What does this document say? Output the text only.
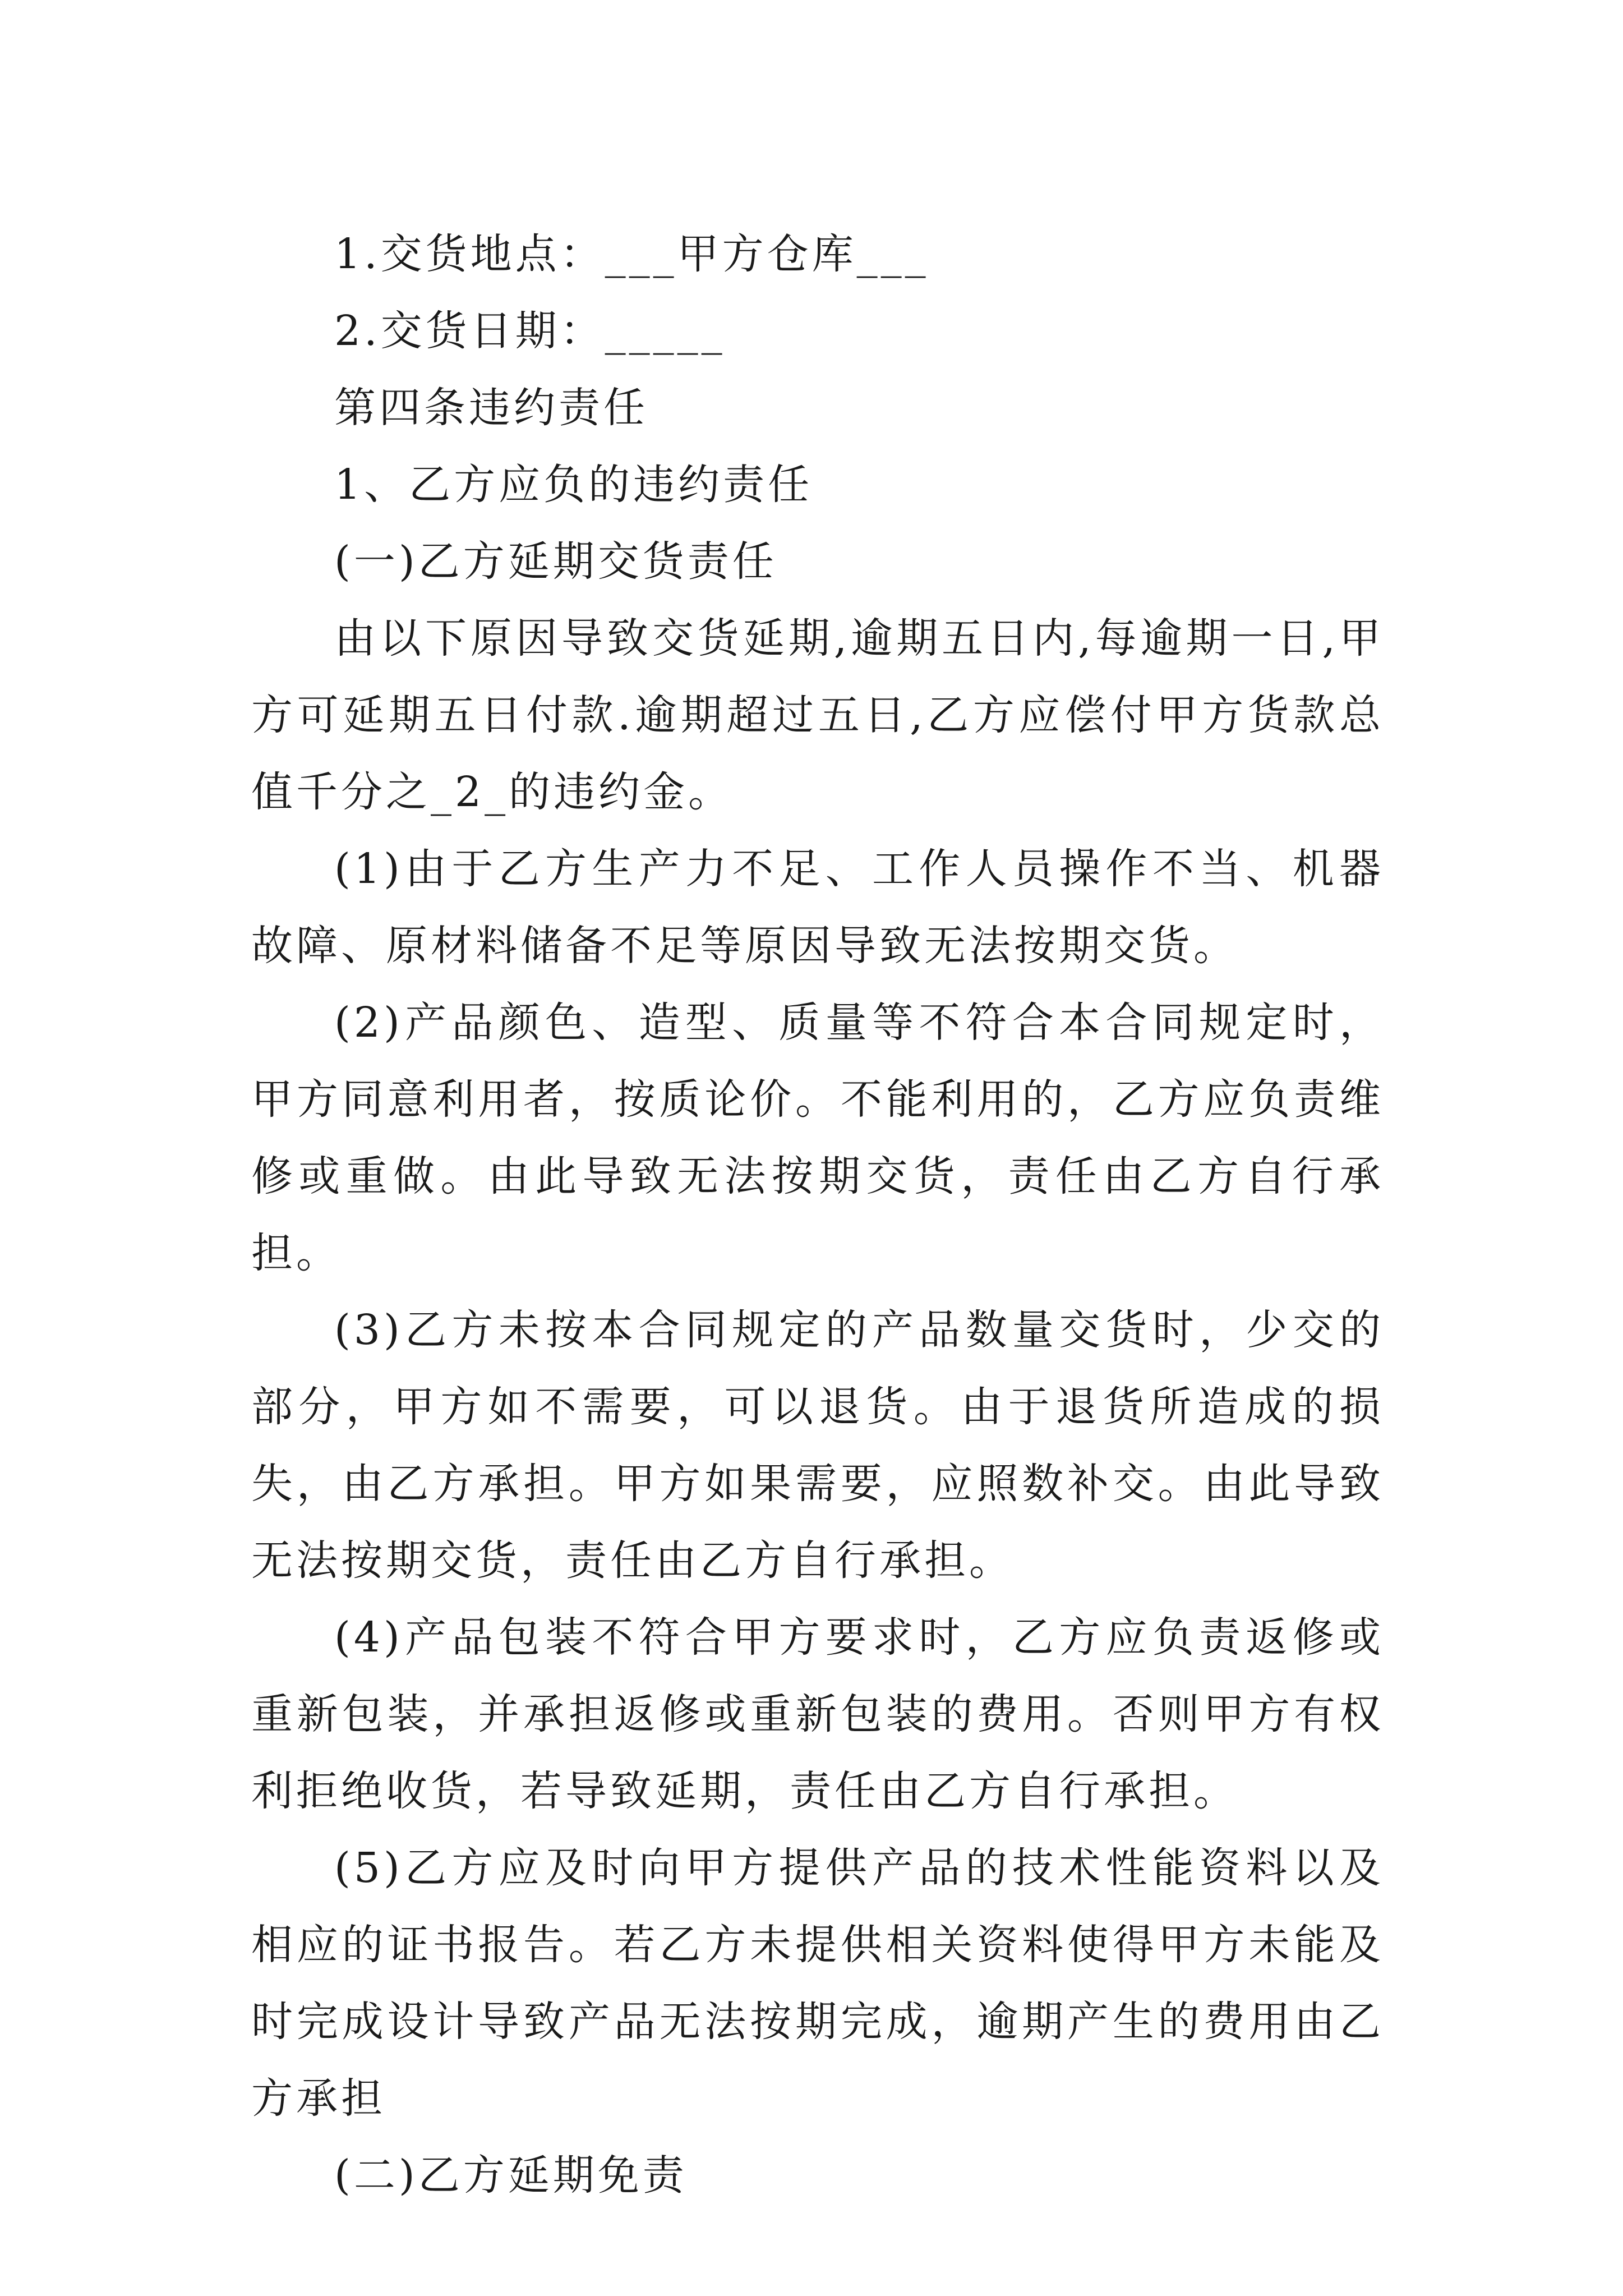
1.交货地点：___甲方仓库___

2.交货日期：_____

第四条违约责任

1、乙方应负的违约责任

(一)乙方延期交货责任

由以下原因导致交货延期,逾期五日内,每逾期一日,甲方可延期五日付款.逾期超过五日,乙方应偿付甲方货款总值千分之_2_的违约金。

(1)由于乙方生产力不足、工作人员操作不当、机器故障、原材料储备不足等原因导致无法按期交货。

(2)产品颜色、造型、质量等不符合本合同规定时，甲方同意利用者，按质论价。不能利用的，乙方应负责维修或重做。由此导致无法按期交货，责任由乙方自行承担。

(3)乙方未按本合同规定的产品数量交货时，少交的部分，甲方如不需要，可以退货。由于退货所造成的损失，由乙方承担。甲方如果需要，应照数补交。由此导致无法按期交货，责任由乙方自行承担。

(4)产品包装不符合甲方要求时，乙方应负责返修或重新包装，并承担返修或重新包装的费用。否则甲方有权利拒绝收货，若导致延期，责任由乙方自行承担。

(5)乙方应及时向甲方提供产品的技术性能资料以及相应的证书报告。若乙方未提供相关资料使得甲方未能及时完成设计导致产品无法按期完成，逾期产生的费用由乙方承担

(二)乙方延期免责
